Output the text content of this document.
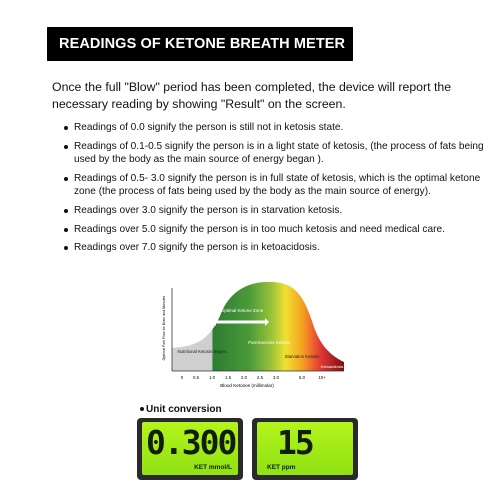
READINGS OF KETONE BREATH METER
Once the full "Blow" period has been completed, the device will report the necessary reading by showing "Result" on the screen.
Readings of 0.0 signify the person is still not in ketosis state.
Readings of 0.1-0.5 signify the person is in a light state of ketosis, (the process of fats being used by the body as the main source of energy began ).
Readings of 0.5- 3.0 signify the person is in full state of ketosis, which is the optimal ketone zone (the process of fats being used by the body as the main source of energy).
Readings over 3.0 signify the person is in starvation ketosis.
Readings over 5.0 signify the person is in too much ketosis and need medical care.
Readings over 7.0 signify the person is in ketoacidosis.
Optimal Ketone Zone
Nutritional Ketosis Begins
Post-Exercise Ketosis
Starvation Ketosis
Ketoacidosis
0 0.5 1.0 1.5 2.0 2.5 3.0	5.0	10+
Blood Ketones (millimolar)
Optimal Fuel Flow for Brain and Muscles
Unit conversion
0.300
KET mmol/L
15
KET ppm
